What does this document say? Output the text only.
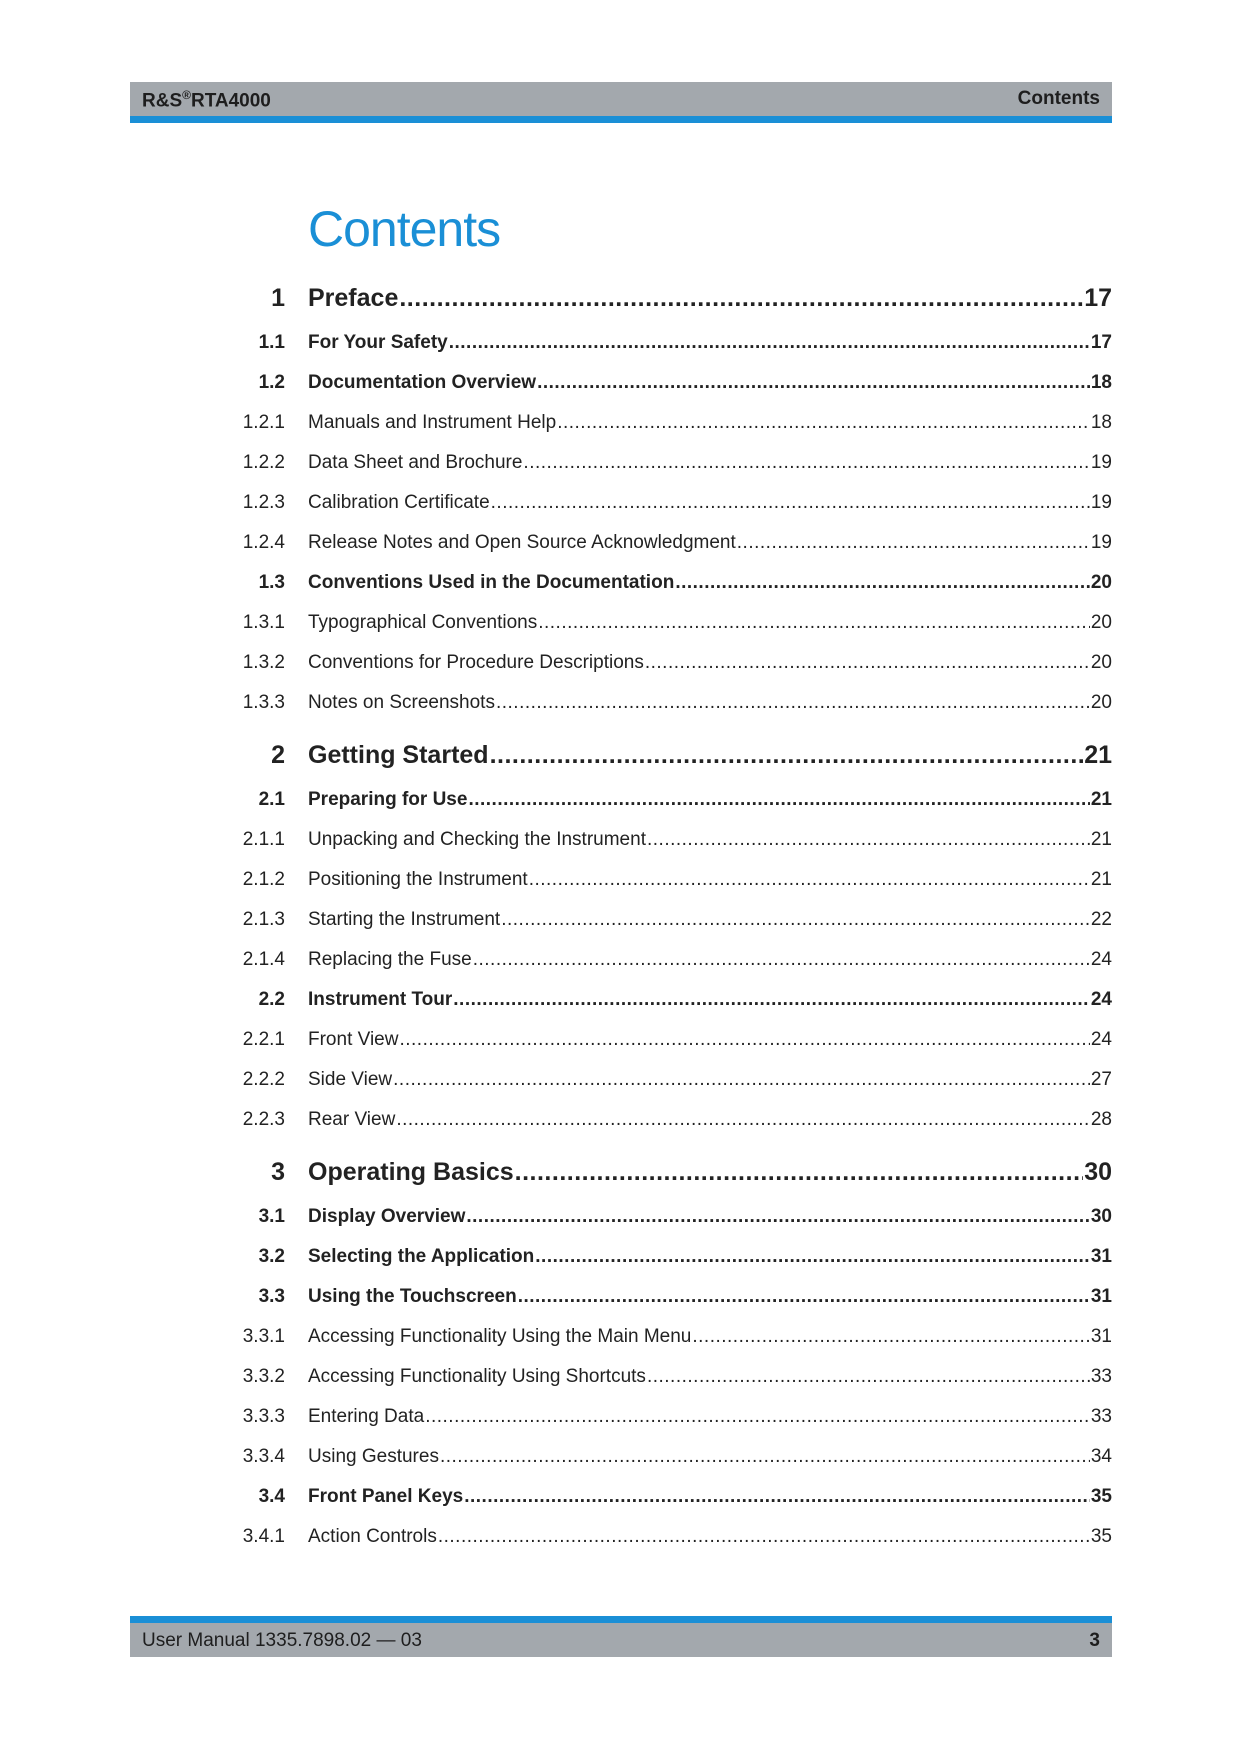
R&S®RTA4000	Contents
Contents
1 Preface .....	17
1.1 For Your Safety .....	17
1.2 Documentation Overview .....	18
1.2.1 Manuals and Instrument Help .....	18
1.2.2 Data Sheet and Brochure .....	19
1.2.3 Calibration Certificate .....	19
1.2.4 Release Notes and Open Source Acknowledgment .....	19
1.3 Conventions Used in the Documentation .....	20
1.3.1 Typographical Conventions .....	20
1.3.2 Conventions for Procedure Descriptions .....	20
1.3.3 Notes on Screenshots .....	20
2 Getting Started .....	21
2.1 Preparing for Use .....	21
2.1.1 Unpacking and Checking the Instrument .....	21
2.1.2 Positioning the Instrument .....	21
2.1.3 Starting the Instrument .....	22
2.1.4 Replacing the Fuse .....	24
2.2 Instrument Tour .....	24
2.2.1 Front View .....	24
2.2.2 Side View .....	27
2.2.3 Rear View .....	28
3 Operating Basics .....	30
3.1 Display Overview .....	30
3.2 Selecting the Application .....	31
3.3 Using the Touchscreen .....	31
3.3.1 Accessing Functionality Using the Main Menu .....	31
3.3.2 Accessing Functionality Using Shortcuts .....	33
3.3.3 Entering Data .....	33
3.3.4 Using Gestures .....	34
3.4 Front Panel Keys .....	35
3.4.1 Action Controls .....	35
User Manual 1335.7898.02 ― 03	3
